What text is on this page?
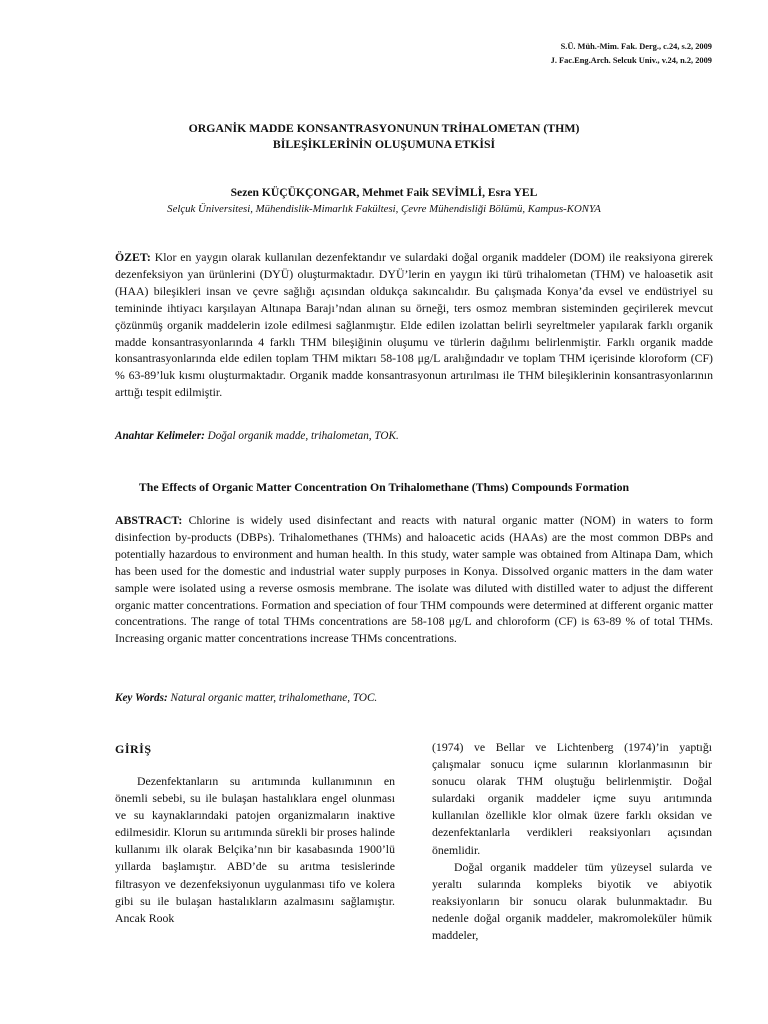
S.Ü. Müh.-Mim. Fak. Derg., c.24, s.2, 2009
J. Fac.Eng.Arch. Selcuk Univ., v.24, n.2, 2009
ORGANİK MADDE KONSANTRASYONUNUN TRİHALOMETAN (THM)
BİLEŞİKLERİNİN OLUŞUMUNA ETKİSİ
Sezen KÜÇÜKÇONGAR, Mehmet Faik SEVİMLİ, Esra YEL
Selçuk Üniversitesi, Mühendislik-Mimarlık Fakültesi, Çevre Mühendisliği Bölümü, Kampus-KONYA

ÖZET: Klor en yaygın olarak kullanılan dezenfektandır ve sulardaki doğal organik maddeler (DOM) ile reaksiyona girerek dezenfeksiyon yan ürünlerini (DYÜ) oluşturmaktadır. DYÜ’lerin en yaygın iki türü trihalometan (THM) ve haloasetik asit (HAA) bileşikleri insan ve çevre sağlığı açısından oldukça sakıncalıdır. Bu çalışmada Konya’da evsel ve endüstriyel su temininde ihtiyacı karşılayan Altınapa Barajı’ndan alınan su örneği, ters osmoz membran sisteminden geçirilerek mevcut çözünmüş organik maddelerin izole edilmesi sağlanmıştır. Elde edilen izolattan belirli seyreltmeler yapılarak farklı organik madde konsantrasyonlarında 4 farklı THM bileşiğinin oluşumu ve türlerin dağılımı belirlenmiştir. Farklı organik madde konsantrasyonlarında elde edilen toplam THM miktarı 58-108 μg/L aralığındadır ve toplam THM içerisinde kloroform (CF) % 63-89’luk kısmı oluşturmaktadır. Organik madde konsantrasyonun artırılması ile THM bileşiklerinin konsantrasyonlarının arttığı tespit edilmiştir.

Anahtar Kelimeler: Doğal organik madde, trihalometan, TOK.
The Effects of Organic Matter Concentration On Trihalomethane (Thms) Compounds Formation

ABSTRACT: Chlorine is widely used disinfectant and reacts with natural organic matter (NOM) in waters to form disinfection by-products (DBPs). Trihalomethanes (THMs) and haloacetic acids (HAAs) are the most common DBPs and potentially hazardous to environment and human health. In this study, water sample was obtained from Altinapa Dam, which has been used for the domestic and industrial water supply purposes in Konya. Dissolved organic matters in the dam water sample were isolated using a reverse osmosis membrane. The isolate was diluted with distilled water to adjust the different organic matter concentrations. Formation and speciation of four THM compounds were determined at different organic matter concentrations. The range of total THMs concentrations are 58-108 μg/L and chloroform (CF) is 63-89 % of total THMs. Increasing organic matter concentrations increase THMs concentrations.

Key Words: Natural organic matter, trihalomethane, TOC.
GİRİŞ

Dezenfektanların su arıtımında kullanımının en önemli sebebi, su ile bulaşan hastalıklara engel olunması ve su kaynaklarındaki patojen organizmaların inaktive edilmesidir. Klorun su arıtımında sürekli bir proses halinde kullanımı ilk olarak Belçika’nın bir kasabasında 1900’lü yıllarda başlamıştır. ABD’de su arıtma tesislerinde filtrasyon ve dezenfeksiyonun uygulanması tifo ve kolera gibi su ile bulaşan hastalıkların azalmasını sağlamıştır. Ancak Rook

(1974) ve Bellar ve Lichtenberg (1974)’in yaptığı çalışmalar sonucu içme sularının klorlanmasının bir sonucu olarak THM oluştuğu belirlenmiştir. Doğal sulardaki organik maddeler içme suyu arıtımında kullanılan özellikle klor olmak üzere farklı oksidan ve dezenfektanlarla verdikleri reaksiyonları açısından önemlidir.

Doğal organik maddeler tüm yüzeysel sularda ve yeraltı sularında kompleks biyotik ve abiyotik reaksiyonların bir sonucu olarak bulunmaktadır. Bu nedenle doğal organik maddeler, makromoleküler hümik maddeler,
